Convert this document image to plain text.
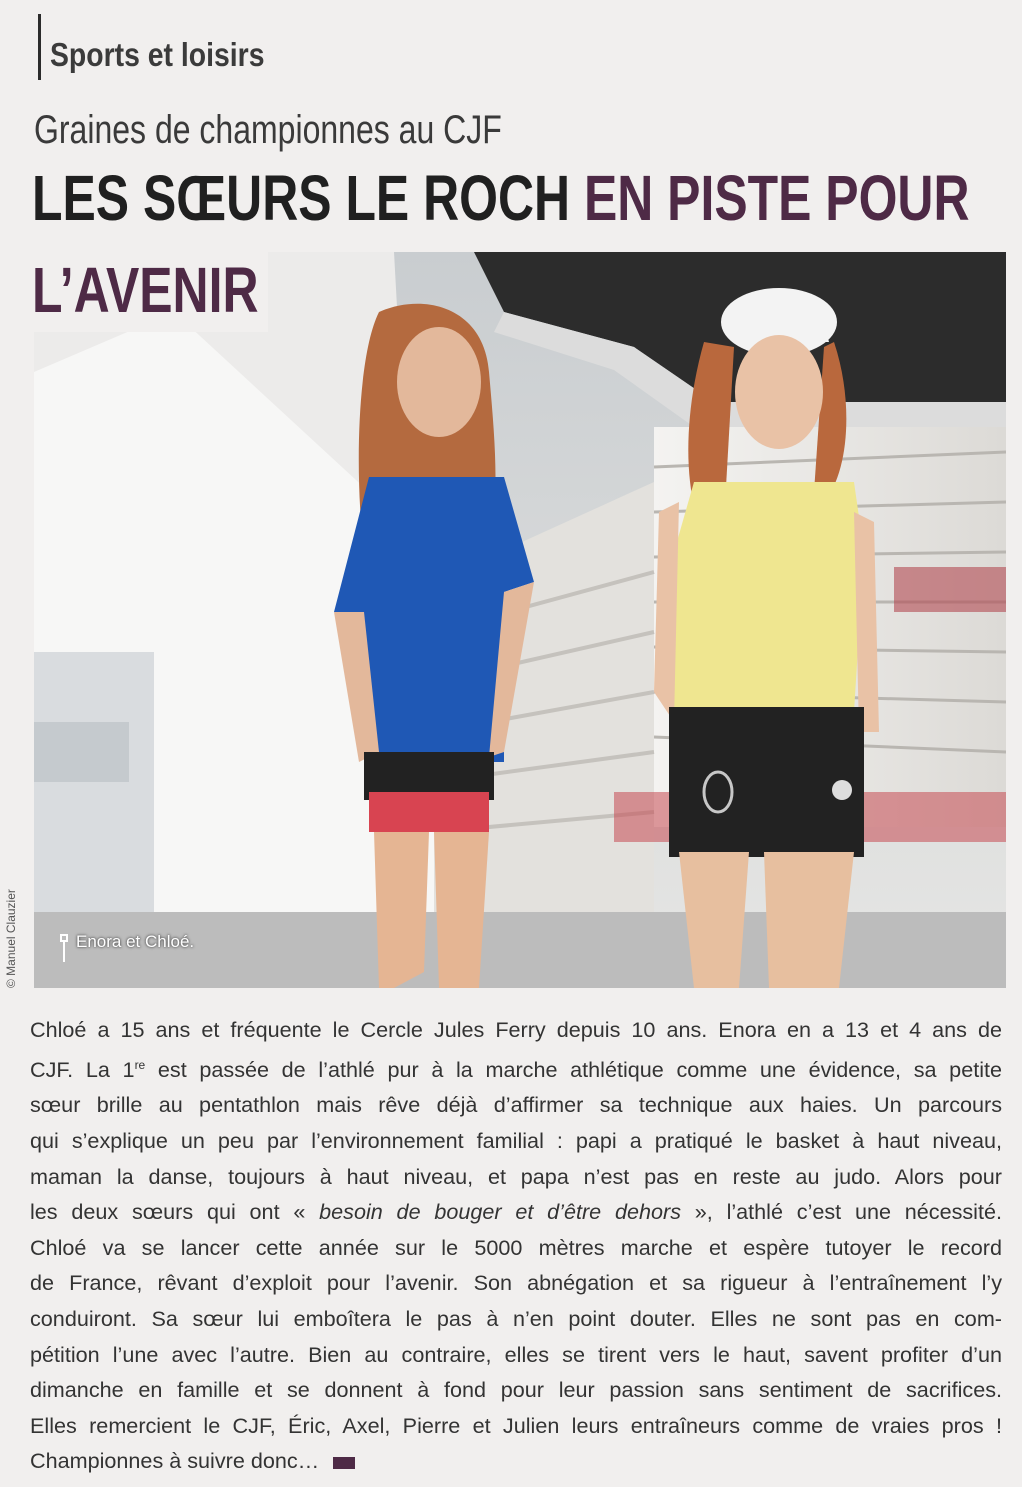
Sports et loisirs
Graines de championnes au CJF
LES SŒURS LE ROCH EN PISTE POUR
L’AVENIR
Enora et Chloé.
© Manuel Clauzier
Chloé a 15 ans et fréquente le Cercle Jules Ferry depuis 10 ans. Enora en a 13 et 4 ans de
CJF. La 1re est passée de l’athlé pur à la marche athlétique comme une évidence, sa petite
sœur brille au pentathlon mais rêve déjà d’affirmer sa technique aux haies. Un parcours
qui s’explique un peu par l’environnement familial : papi a pratiqué le basket à haut niveau,
maman la danse, toujours à haut niveau, et papa n’est pas en reste au judo. Alors pour
les deux sœurs qui ont « besoin de bouger et d’être dehors », l’athlé c’est une nécessité.
Chloé va se lancer cette année sur le 5000 mètres marche et espère tutoyer le record
de France, rêvant d’exploit pour l’avenir. Son abnégation et sa rigueur à l’entraînement l’y
conduiront. Sa sœur lui emboîtera le pas à n’en point douter. Elles ne sont pas en com-
pétition l’une avec l’autre. Bien au contraire, elles se tirent vers le haut, savent profiter d’un
dimanche en famille et se donnent à fond pour leur passion sans sentiment de sacrifices.
Elles remercient le CJF, Éric, Axel, Pierre et Julien leurs entraîneurs comme de vraies pros !
Championnes à suivre donc…
